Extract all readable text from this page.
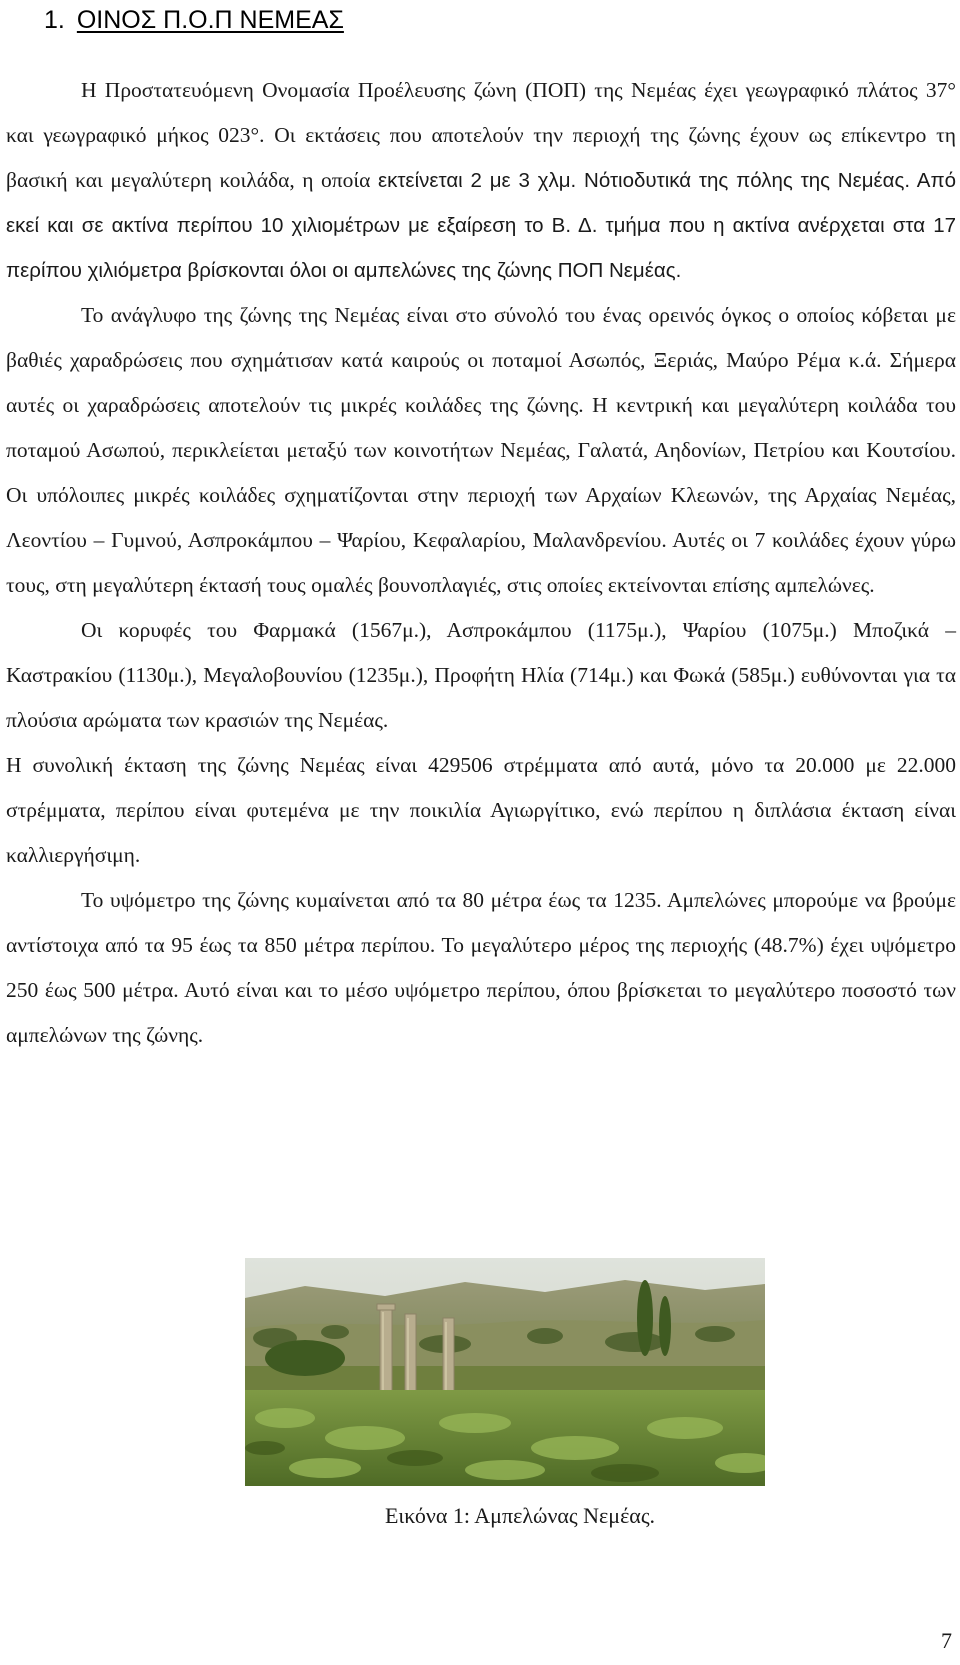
1. ΟΙΝΟΣ Π.Ο.Π ΝΕΜΕΑΣ

Η Προστατευόμενη Ονομασία Προέλευσης ζώνη (ΠΟΠ) της Νεμέας έχει γεωγραφικό πλάτος 37° και γεωγραφικό μήκος 023°. Οι εκτάσεις που αποτελούν την περιοχή της ζώνης έχουν ως επίκεντρο τη βασική και μεγαλύτερη κοιλάδα, η οποία εκτείνεται 2 με 3 χλμ. Νότιοδυτικά της πόλης της Νεμέας. Από εκεί και σε ακτίνα περίπου 10 χιλιομέτρων με εξαίρεση το Β. Δ. τμήμα που η ακτίνα ανέρχεται στα 17 περίπου χιλιόμετρα βρίσκονται όλοι οι αμπελώνες της ζώνης ΠΟΠ Νεμέας.

Το ανάγλυφο της ζώνης της Νεμέας είναι στο σύνολό του ένας ορεινός όγκος ο οποίος κόβεται με βαθιές χαραδρώσεις που σχημάτισαν κατά καιρούς οι ποταμοί Ασωπός, Ξεριάς, Μαύρο Ρέμα κ.ά. Σήμερα αυτές οι χαραδρώσεις αποτελούν τις μικρές κοιλάδες της ζώνης. Η κεντρική και μεγαλύτερη κοιλάδα του ποταμού Ασωπού, περικλείεται μεταξύ των κοινοτήτων Νεμέας, Γαλατά, Αηδονίων, Πετρίου και Κουτσίου. Οι υπόλοιπες μικρές κοιλάδες σχηματίζονται στην περιοχή των Αρχαίων Κλεωνών, της Αρχαίας Νεμέας, Λεοντίου – Γυμνού, Ασπροκάμπου – Ψαρίου, Κεφαλαρίου, Μαλανδρενίου. Αυτές οι 7 κοιλάδες έχουν γύρω τους, στη μεγαλύτερη έκτασή τους ομαλές βουνοπλαγιές, στις οποίες εκτείνονται επίσης αμπελώνες.

Οι κορυφές του Φαρμακά (1567μ.), Ασπροκάμπου (1175μ.), Ψαρίου (1075μ.) Μποζικά – Καστρακίου (1130μ.), Μεγαλοβουνίου (1235μ.), Προφήτη Ηλία (714μ.) και Φωκά (585μ.) ευθύνονται για τα πλούσια αρώματα των κρασιών της Νεμέας.

Η συνολική έκταση της ζώνης Νεμέας είναι 429506 στρέμματα από αυτά, μόνο τα 20.000 με 22.000 στρέμματα, περίπου είναι φυτεμένα με την ποικιλία Αγιωργίτικο, ενώ περίπου η διπλάσια έκταση είναι καλλιεργήσιμη.

Το υψόμετρο της ζώνης κυμαίνεται από τα 80 μέτρα έως τα 1235. Αμπελώνες μπορούμε να βρούμε αντίστοιχα από τα 95 έως τα 850 μέτρα περίπου. Το μεγαλύτερο μέρος της περιοχής (48.7%) έχει υψόμετρο 250 έως 500 μέτρα. Αυτό είναι και το μέσο υψόμετρο περίπου, όπου βρίσκεται το μεγαλύτερο ποσοστό των αμπελώνων της ζώνης.

Εικόνα 1: Αμπελώνας Νεμέας.
7
